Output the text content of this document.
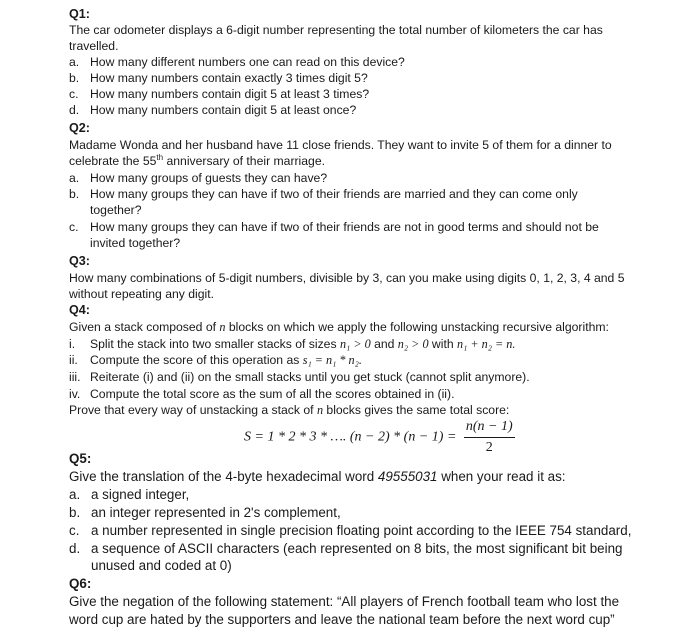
Q1:
The car odometer displays a 6-digit number representing the total number of kilometers the car has
travelled.
a. How many different numbers one can read on this device?
b. How many numbers contain exactly 3 times digit 5?
c. How many numbers contain digit 5 at least 3 times?
d. How many numbers contain digit 5 at least once?
Q2:
Madame Wonda and her husband have 11 close friends. They want to invite 5 of them for a dinner to
celebrate the 55th anniversary of their marriage.
a. How many groups of guests they can have?
b. How many groups they can have if two of their friends are married and they can come only
together?
c. How many groups they can have if two of their friends are not in good terms and should not be
invited together?
Q3:
How many combinations of 5-digit numbers, divisible by 3, can you make using digits 0, 1, 2, 3, 4 and 5
without repeating any digit.
Q4:
Given a stack composed of n blocks on which we apply the following unstacking recursive algorithm:
i. Split the stack into two smaller stacks of sizes n₁ > 0 and n₂ > 0 with n₁ + n₂ = n.
ii. Compute the score of this operation as s₁ = n₁ * n₂.
iii. Reiterate (i) and (ii) on the small stacks until you get stuck (cannot split anymore).
iv. Compute the total score as the sum of all the scores obtained in (ii).
Prove that every way of unstacking a stack of n blocks gives the same total score:
S = 1 * 2 * 3 * …. $(n - 2) * (n - 1) = \frac{n(n - 1)}{2}$
Q5:
Give the translation of the 4-byte hexadecimal word 49555031 when your read it as:
a. a signed integer,
b. an integer represented in 2's complement,
c. a number represented in single precision floating point according to the IEEE 754 standard,
d. a sequence of ASCII characters (each represented on 8 bits, the most significant bit being
unused and coded at 0)
Q6:
Give the negation of the following statement: “All players of French football team who lost the
word cup are hated by the supporters and leave the national team before the next word cup”
